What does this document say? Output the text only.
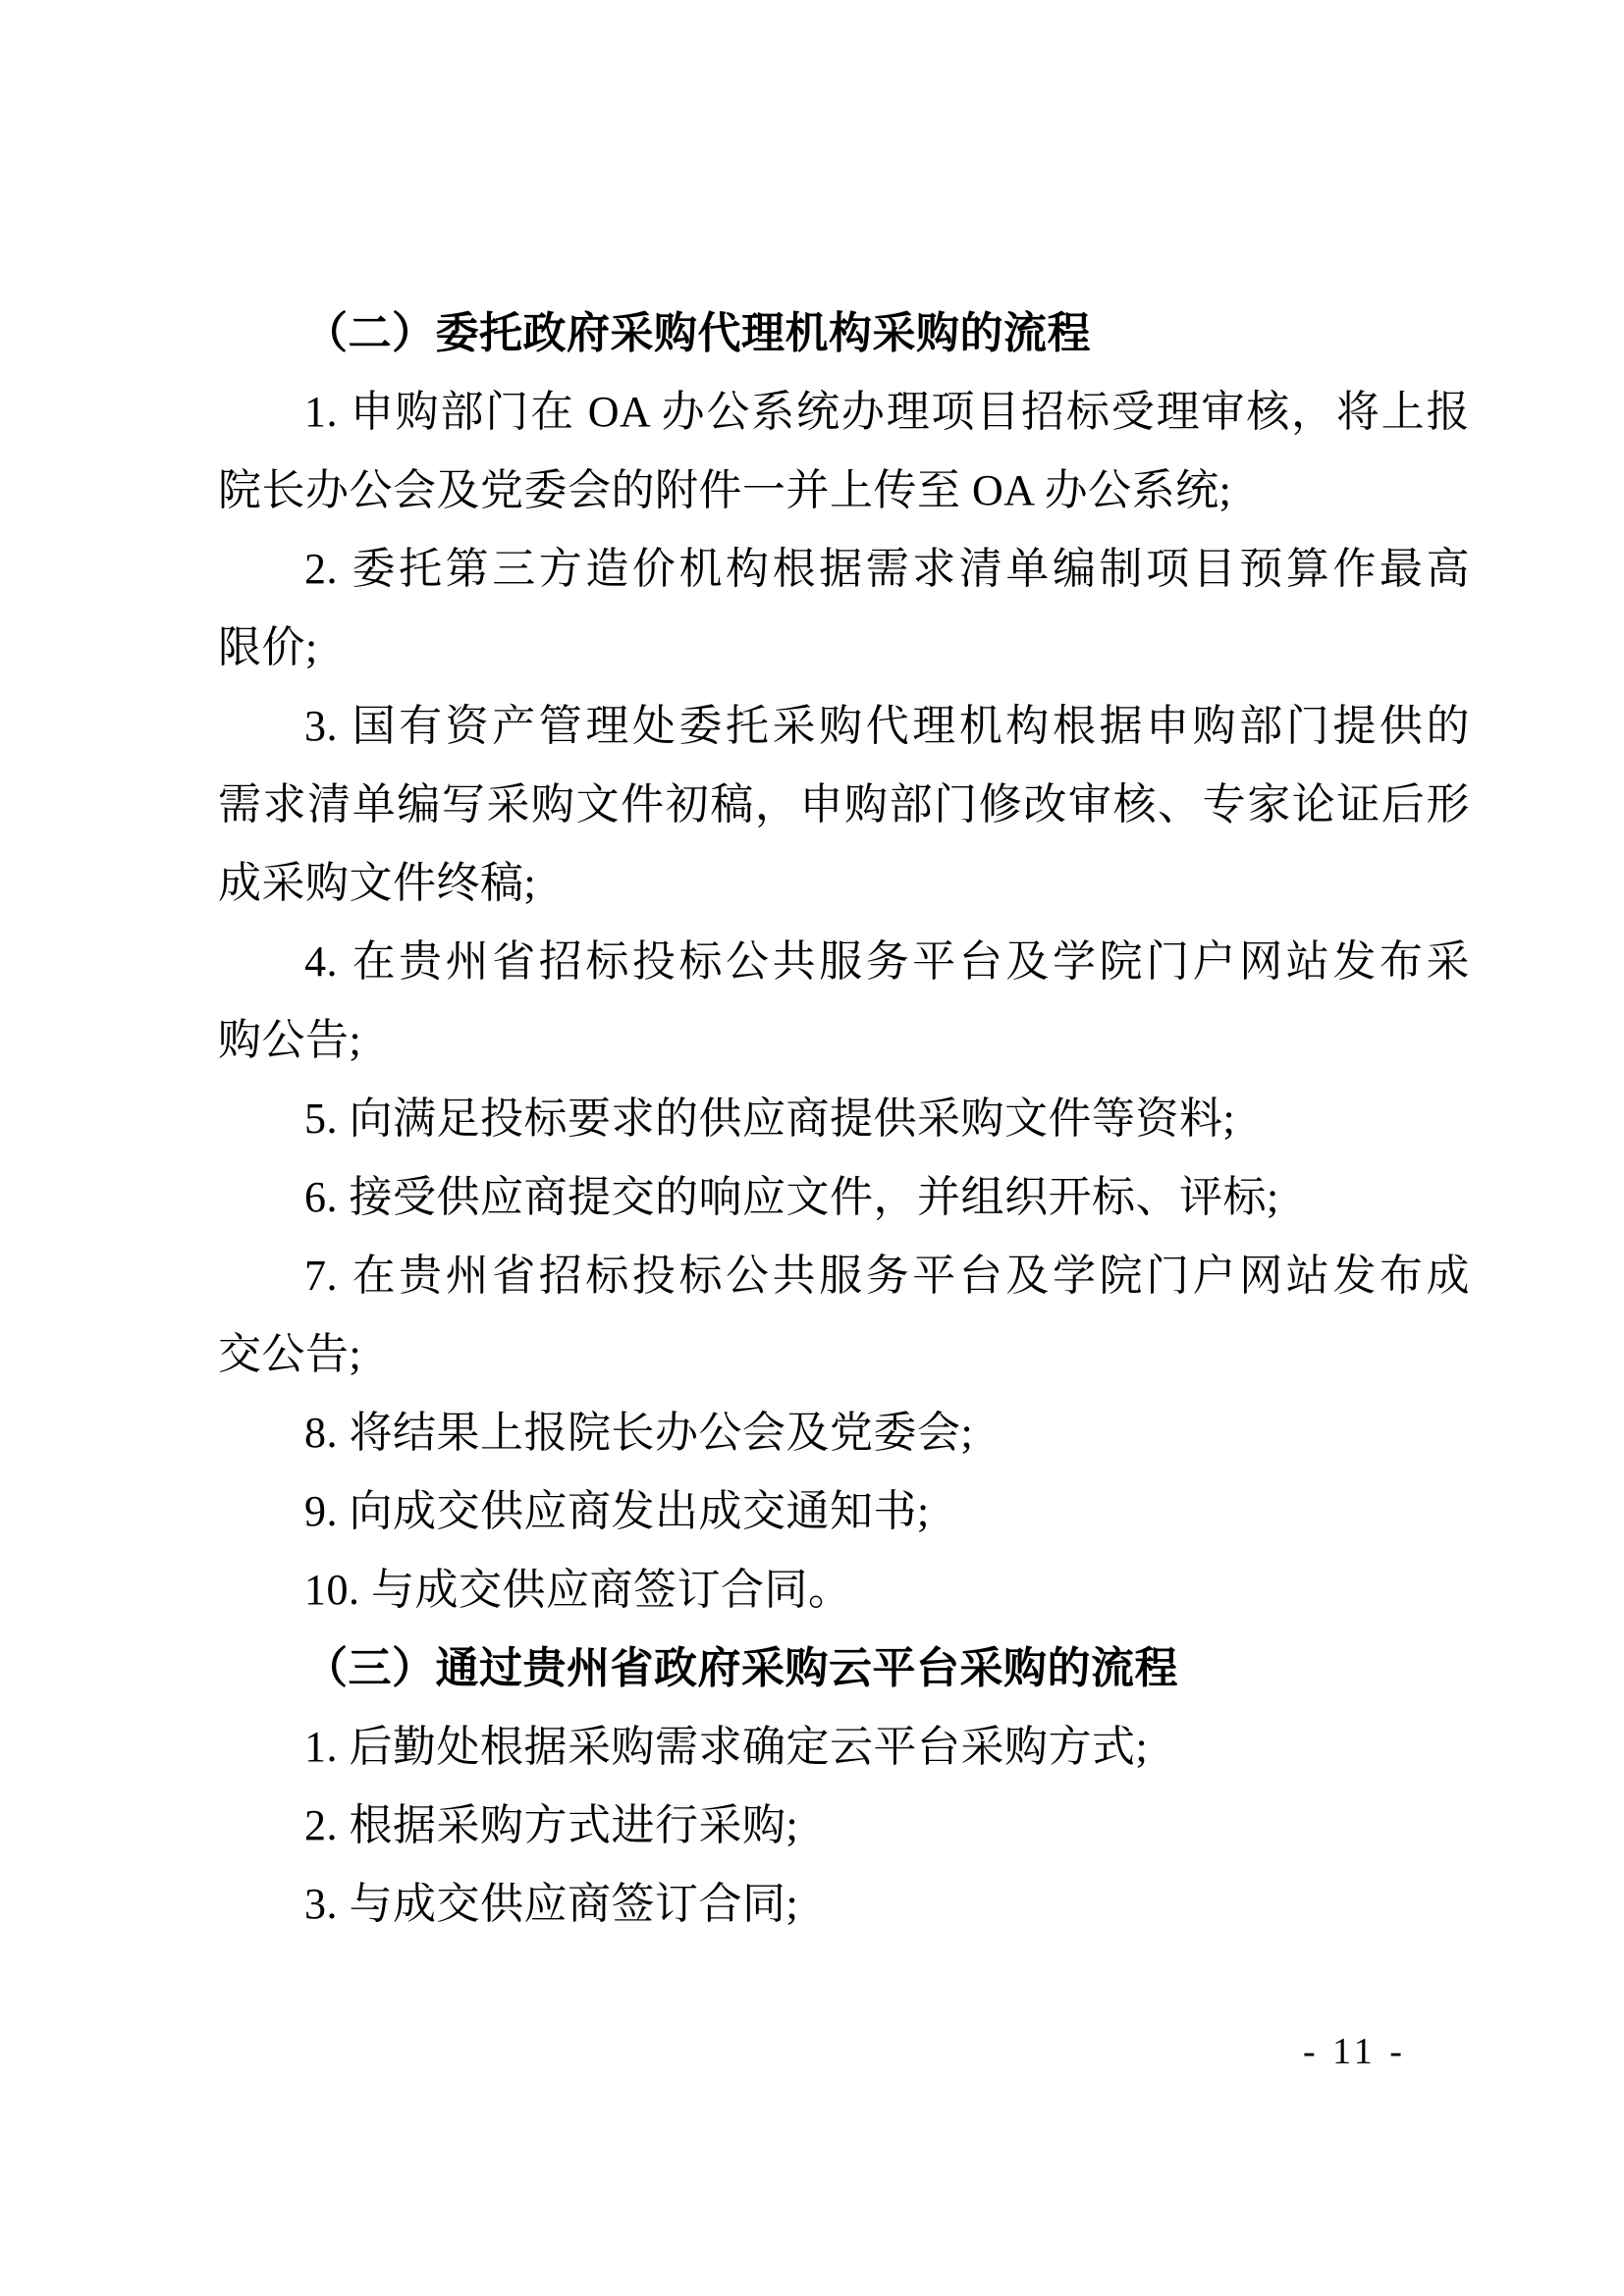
（二）委托政府采购代理机构采购的流程
1. 申购部门在 OA 办公系统办理项目招标受理审核，将上报
院长办公会及党委会的附件一并上传至 OA 办公系统;
2. 委托第三方造价机构根据需求清单编制项目预算作最高
限价;
3. 国有资产管理处委托采购代理机构根据申购部门提供的
需求清单编写采购文件初稿，申购部门修改审核、专家论证后形
成采购文件终稿;
4. 在贵州省招标投标公共服务平台及学院门户网站发布采
购公告;
5. 向满足投标要求的供应商提供采购文件等资料;
6. 接受供应商提交的响应文件，并组织开标、评标;
7. 在贵州省招标投标公共服务平台及学院门户网站发布成
交公告;
8. 将结果上报院长办公会及党委会;
9. 向成交供应商发出成交通知书;
10. 与成交供应商签订合同。
（三）通过贵州省政府采购云平台采购的流程
1. 后勤处根据采购需求确定云平台采购方式;
2. 根据采购方式进行采购;
3. 与成交供应商签订合同;
- 11 -
